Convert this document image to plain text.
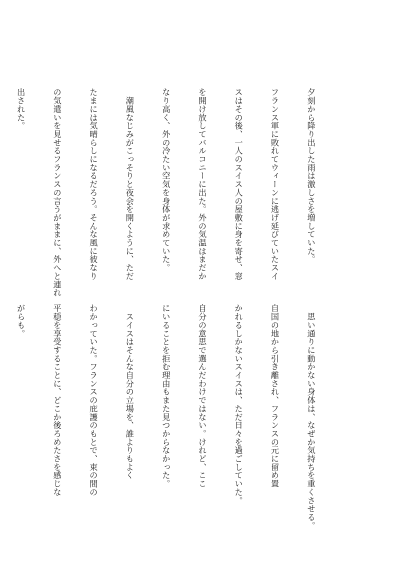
夕刻から降り出した雨は激しさを増していた。

フランス軍に敗れてウィーンに逃げ延びていたスイ

スはその後、一人のスイス人の屋敷に身を寄せ、窓

を開け放してバルコニーに出た。外の気温はまだか

なり高く、外の冷たい空気を身体が求めていた。

　潮風なじみがこっそりと夜会を開くように、ただ

たまには気晴らしになるだろう。そんな風に彼なり

の気遣いを見せるフランスの言うがままに、外へと連れ

出された。

　思い通りに動かない身体は、なぜか気持ちを重くさせる。

自国の地から引き離され、フランスの元に留め置

かれるしかないスイスは、ただ日々を過ごしていた。

自分の意思で選んだわけではない。けれど、ここ

にいることを拒む理由もまた見つからなかった。

　スイスはそんな自分の立場を、誰よりもよく

わかっていた。フランスの庇護のもとで、束の間の

平穏を享受することに、どこか後ろめたさを感じな

がらも。
